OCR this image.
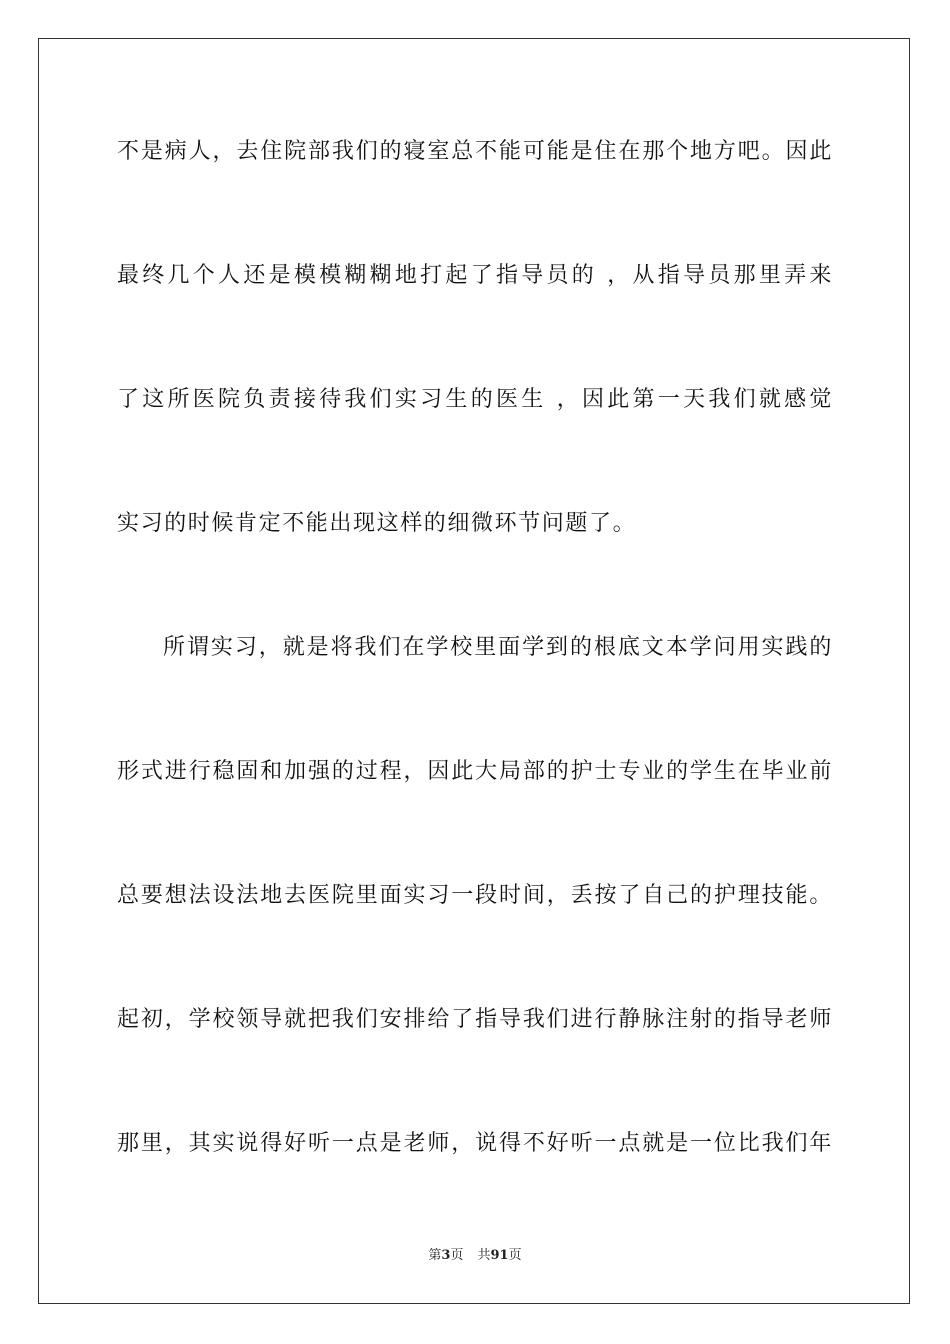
不是病人，去住院部我们的寝室总不能可能是住在那个地方吧。因此
最终几个人还是模模糊糊地打起了指导员的 ，从指导员那里弄来
了这所医院负责接待我们实习生的医生 ，因此第一天我们就感觉
实习的时候肯定不能出现这样的细微环节问题了。
所谓实习，就是将我们在学校里面学到的根底文本学问用实践的
形式进行稳固和加强的过程，因此大局部的护士专业的学生在毕业前
总要想法设法地去医院里面实习一段时间，丢按了自己的护理技能。
起初，学校领导就把我们安排给了指导我们进行静脉注射的指导老师
那里，其实说得好听一点是老师，说得不好听一点就是一位比我们年
第3页 共91页
